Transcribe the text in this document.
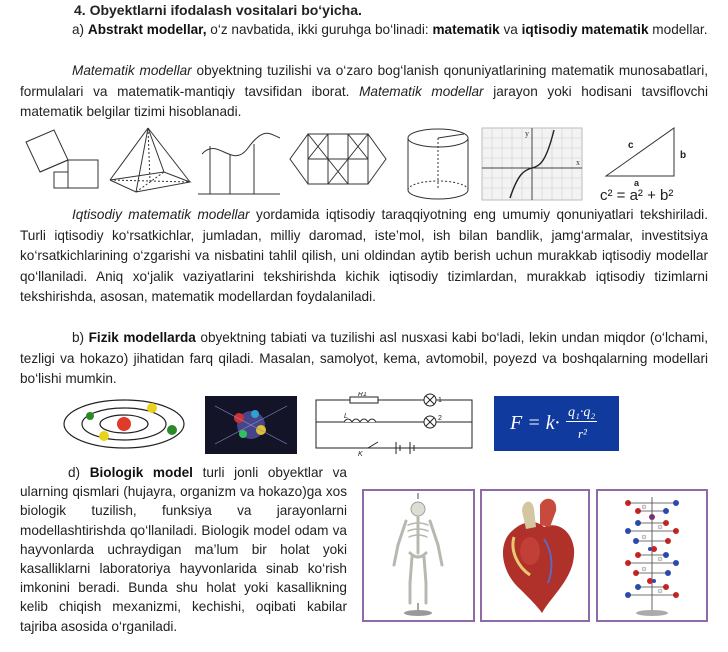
4. Obyektlarni ifodalash vositalari bo‘yicha.
a) Abstrakt modellar, o‘z navbatida, ikki guruhga bo‘linadi: matematik va iqtisodiy matematik modellar.
Matematik modellar obyektning tuzilishi va o‘zaro bog‘lanish qonuniyatlarining matematik munosabatlari, formulalari va matematik-mantiqiy tavsifidan iborat. Matematik modellar jarayon yoki hodisani tavsiflovchi matematik belgilar tizimi hisoblanadi.
x
y
c
b
a
c² = a² + b²
Iqtisodiy matematik modellar yordamida iqtisodiy taraqqiyotning eng umumiy qonuniyatlari tekshiriladi. Turli iqtisodiy ko‘rsatkichlar, jumladan, milliy daromad, iste’mol, ish bilan bandlik, jamg‘armalar, investitsiya ko‘rsatkichlarining o‘zgarishi va nisbatini tahlil qilish, uni oldindan aytib berish uchun murakkab iqtisodiy modellar qo‘llaniladi. Aniq xo‘jalik vaziyatlarini tekshirishda kichik iqtisodiy tizimlardan, murakkab iqtisodiy tizimlarni tekshirishda, asosan, matematik modellardan foydalaniladi.
b) Fizik modellarda obyektning tabiati va tuzilishi asl nusxasi kabi bo‘ladi, lekin undan miqdor (o‘lchami, tezligi va hokazo) jihatidan farq qiladi. Masalan, samolyot, kema, avtomobil, poyezd va boshqalarning modellari bo‘lishi mumkin.
R1
L
K
1
2	F = k· q₁·q₂
r²
d) Biologik model turli jonli obyektlar va ularning qismlari (hujayra, organizm va hokazo)ga xos biologik tuzilish, funksiya va jarayonlarni modellashtirishda qo‘llaniladi. Biologik model odam va hayvonlarda uchraydigan ma’lum bir holat yoki kasalliklarni laboratoriya hayvonlarida sinab ko‘rish imkonini beradi. Bunda shu holat yoki kasallikning kelib chiqish mexanizmi, kechishi, oqibati kabilar tajriba asosida o‘rganiladi.
